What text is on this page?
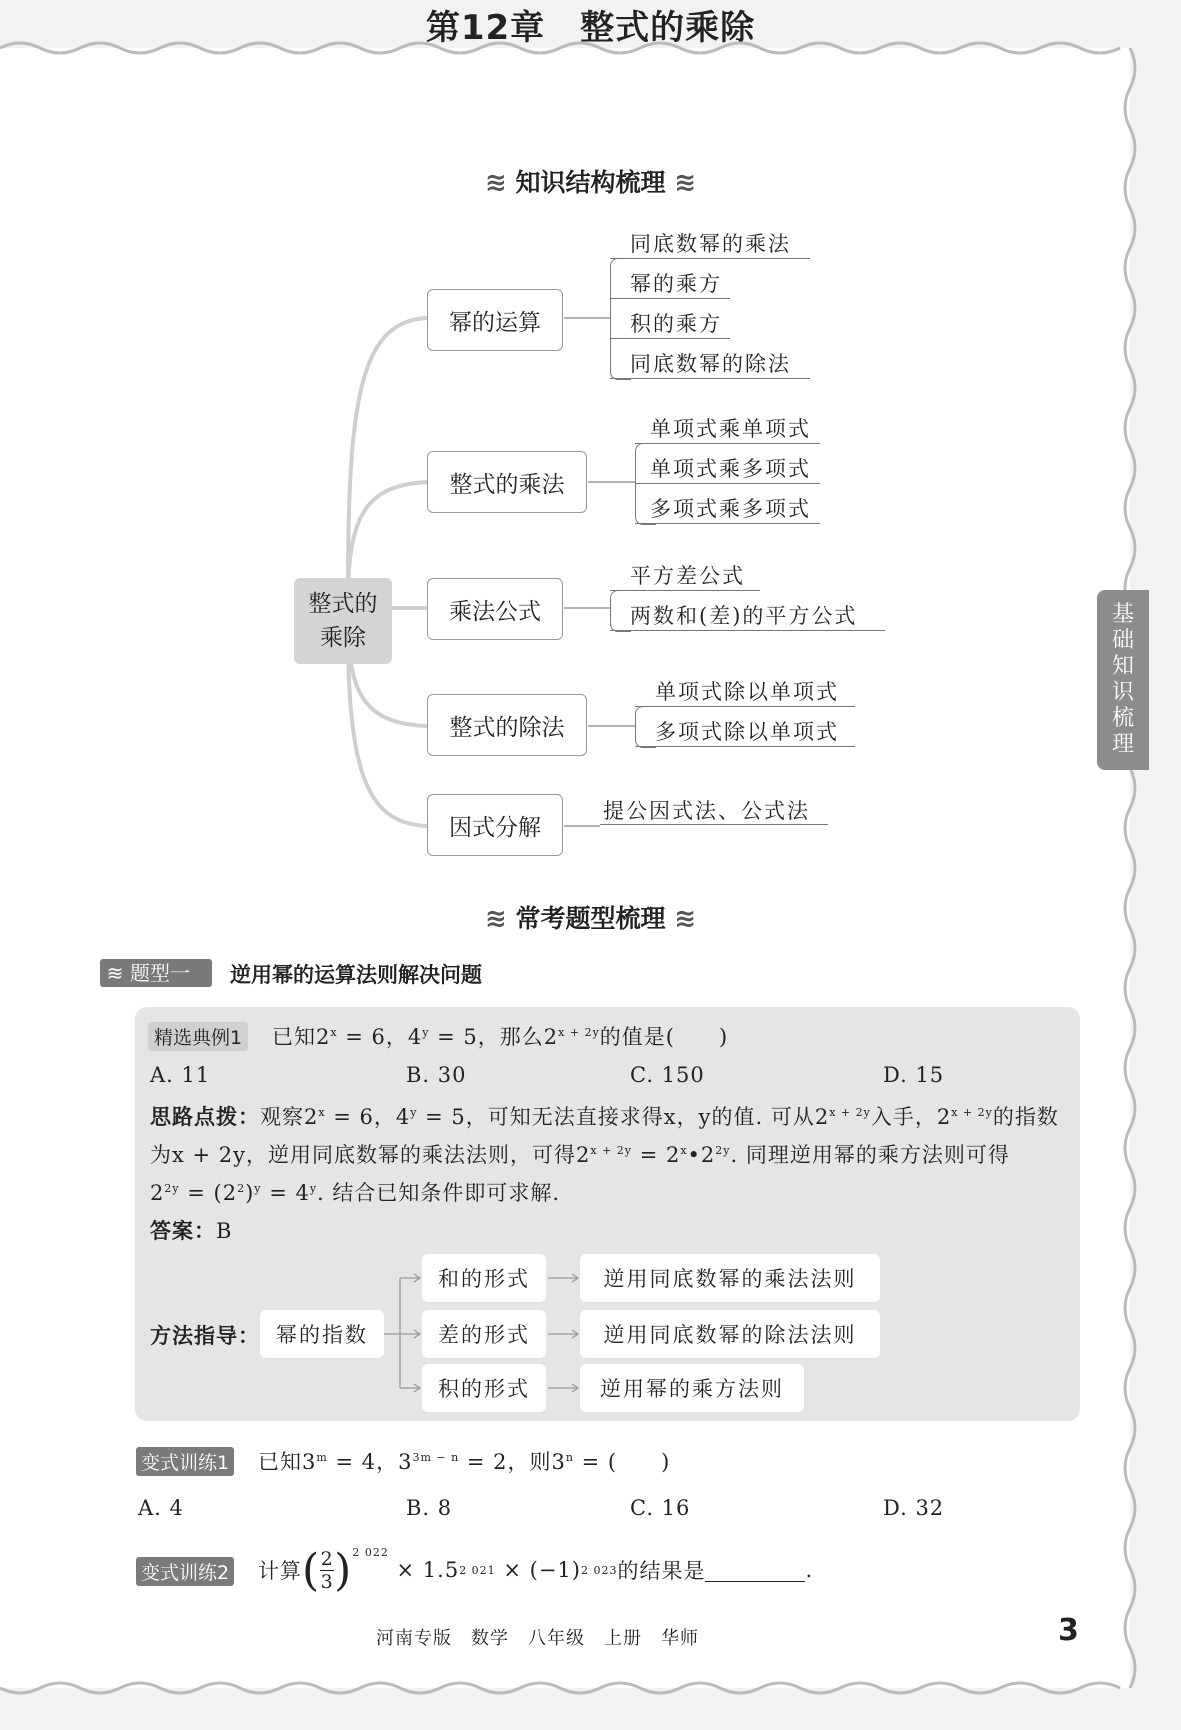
第12章　整式的乘除
≋ 知识结构梳理 ≋
整式的
乘除
幂的运算
同底数幂的乘法
幂的乘方
积的乘方
同底数幂的除法
整式的乘法
单项式乘单项式
单项式乘多项式
多项式乘多项式
乘法公式
平方差公式
两数和(差)的平方公式
整式的除法
单项式除以单项式
多项式除以单项式
因式分解
提公因式法、公式法
≋ 常考题型梳理 ≋
≋ 题型一	逆用幂的运算法则解决问题
精选典例1 已知$2^x = 6$，$4^y = 5$，那么$2^{x + 2y}$的值是(　　)
A. 11	B. 30	C. 150	D. 15
思路点拨：观察$2^x = 6$，$4^y = 5$，可知无法直接求得x，y的值. 可从$2^{x + 2y}$入手，$2^{x + 2y}$的指数
为x + 2y，逆用同底数幂的乘法法则，可得$2^{x + 2y}$ = $2^x•2^{2y}$. 同理逆用幂的乘方法则可得
$2^{2y} = (2^2)^y = 4^y$. 结合已知条件即可求解.
答案：B
方法指导： 幂的指数
和的形式
差的形式
积的形式
逆用同底数幂的乘法法则
逆用同底数幂的除法法则
逆用幂的乘方法则
变式训练1 已知$3^m = 4$，$3^{3m - n} = 2$，则$3^n$ = (　　)
A. 4	B. 8	C. 16	D. 32
变式训练2 计算 ( 2
3 )$^{2 022}$
× 1.5 2 021 × (−1) 2 023 的结果是	.
河南专版　数学　八年级　上册　华师	3
基
础
知
识
梳
理
